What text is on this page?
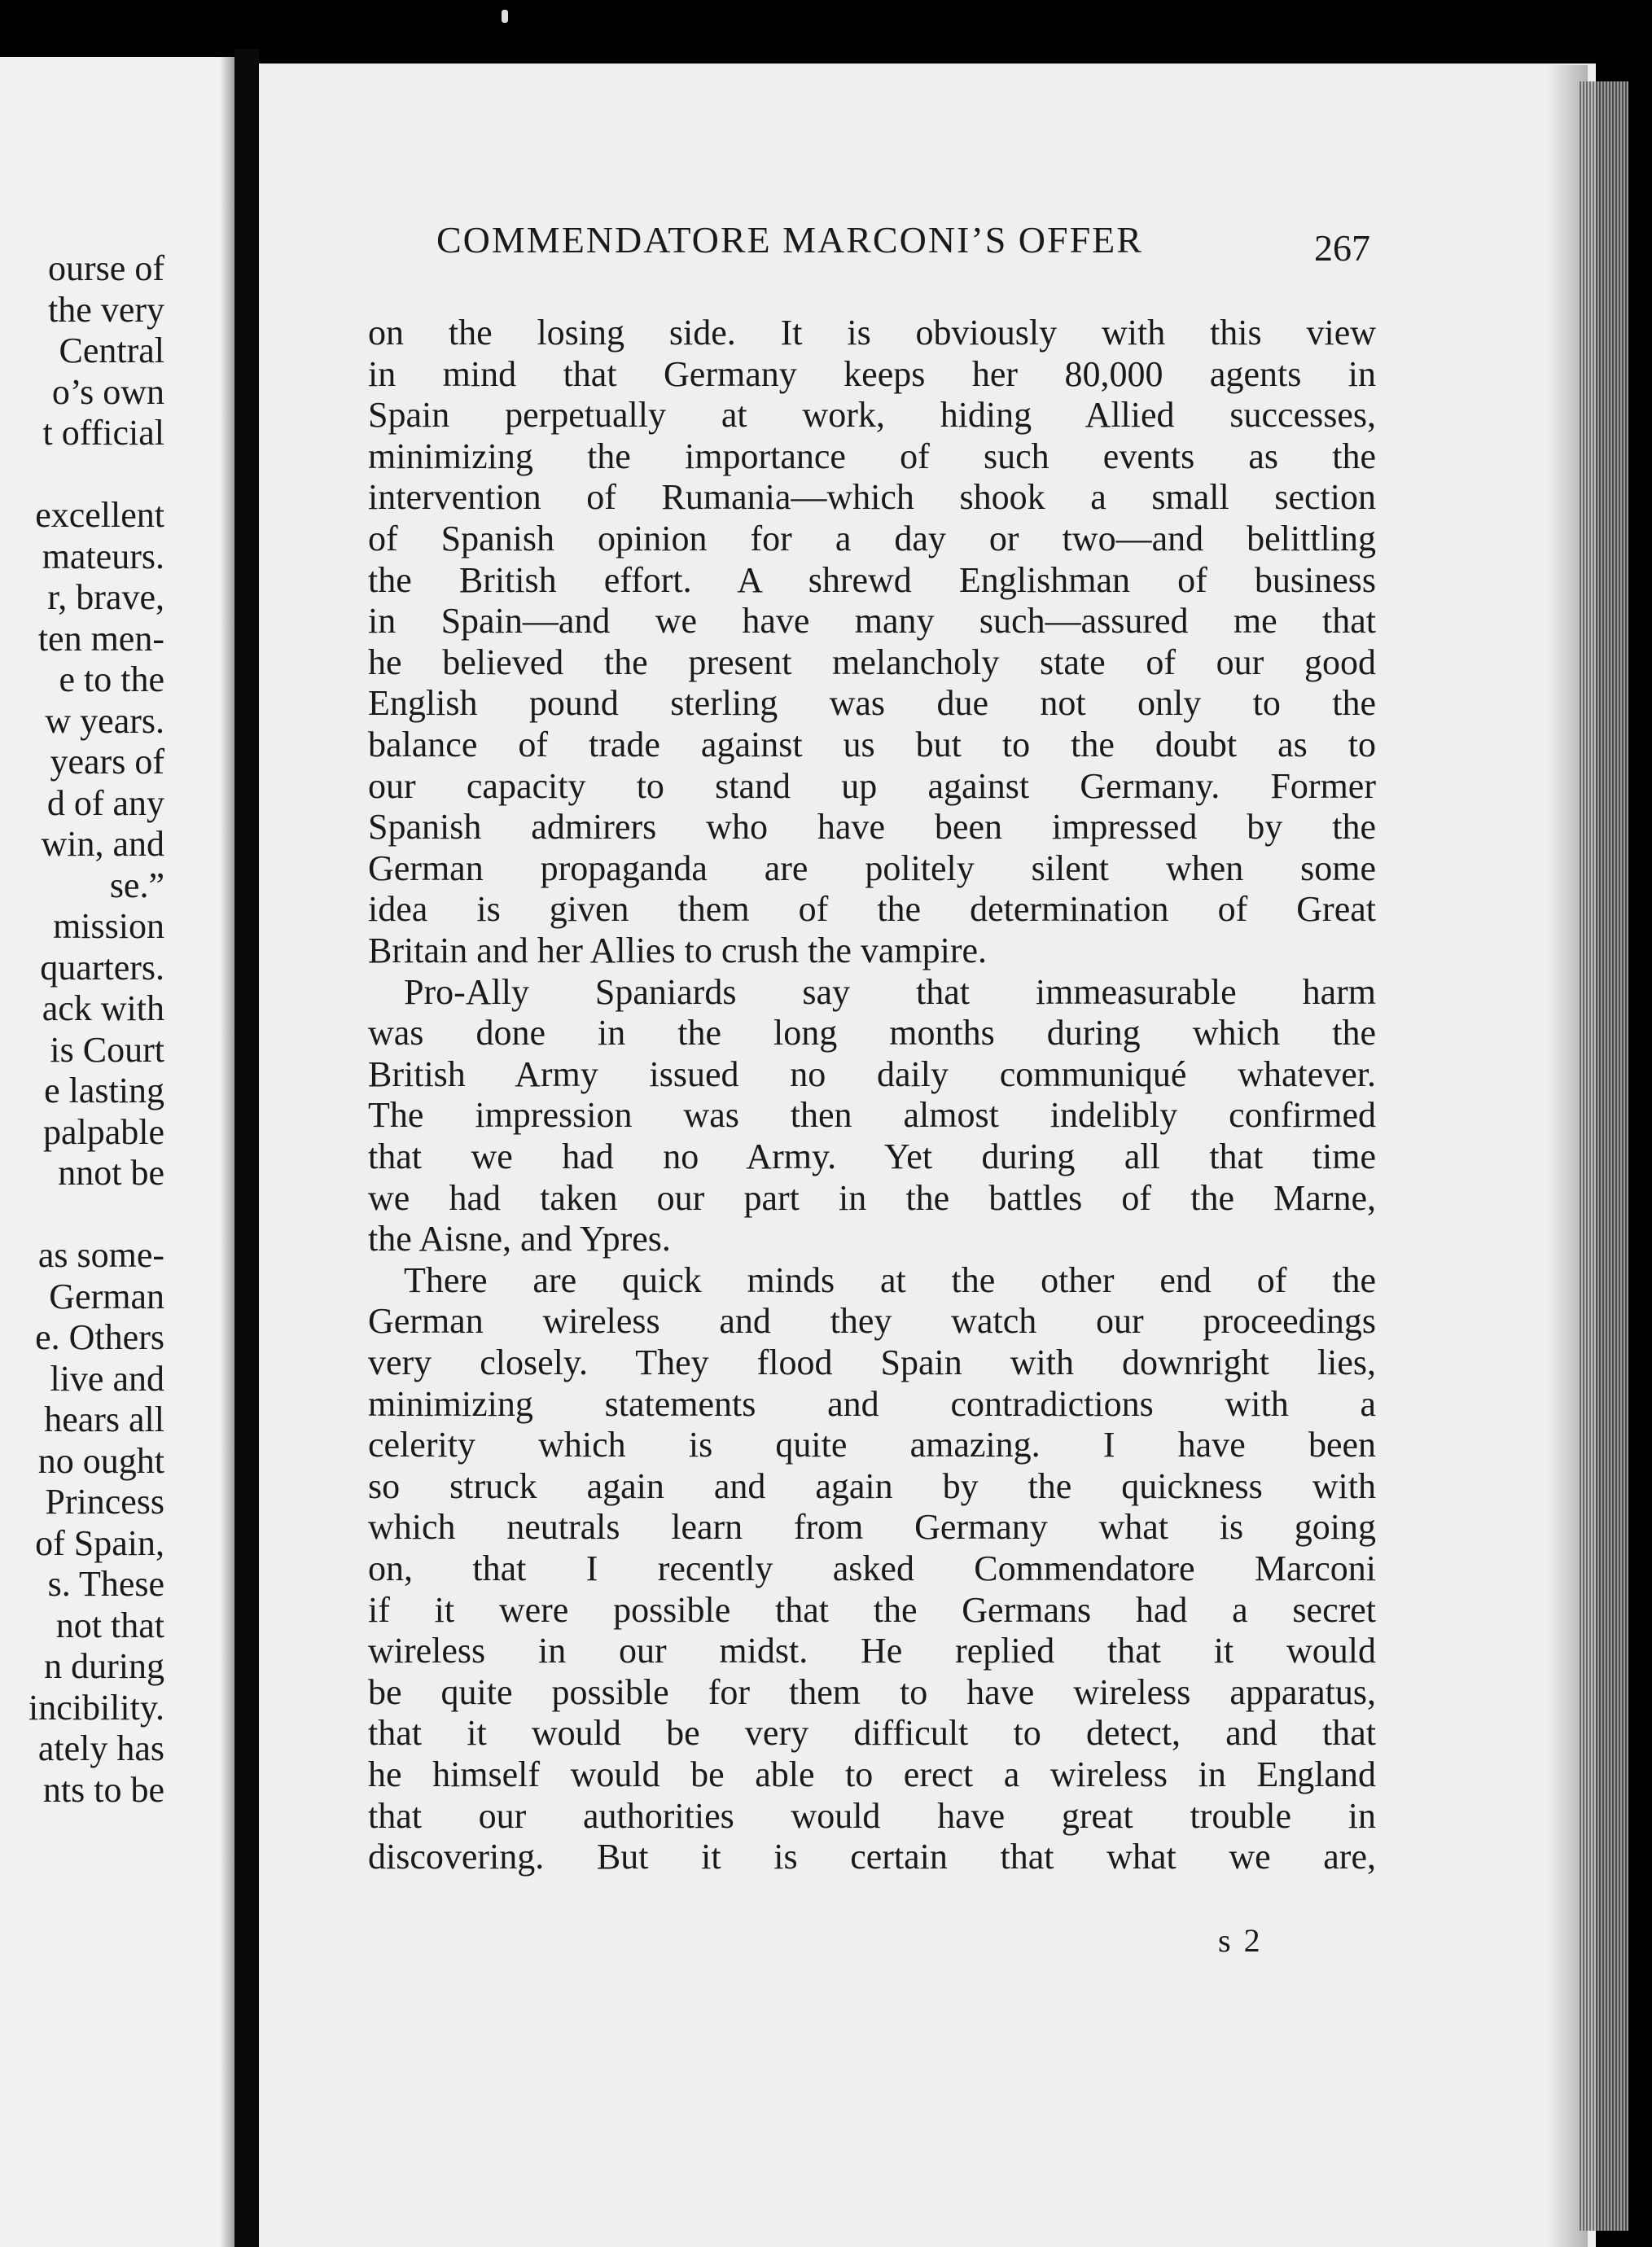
ourse of
the very
Central
o’s own
t official
excellent
mateurs.
r, brave,
ten men-
e to the
w years.
years of
d of any
win, and
se.”
mission
quarters.
ack with
is Court
e lasting
palpable
nnot be
as some-
German
e. Others
live and
hears all
no ought
Princess
of Spain,
s. These
not that
n during
incibility.
ately has
nts to be
COMMENDATORE MARCONI’S OFFER	267
s 2
on the losing side. It is obviously with this view
in mind that Germany keeps her 80,000 agents in
Spain perpetually at work, hiding Allied successes,
minimizing the importance of such events as the
intervention of Rumania—which shook a small section
of Spanish opinion for a day or two—and belittling
the British effort. A shrewd Englishman of business
in Spain—and we have many such—assured me that
he believed the present melancholy state of our good
English pound sterling was due not only to the
balance of trade against us but to the doubt as to
our capacity to stand up against Germany. Former
Spanish admirers who have been impressed by the
German propaganda are politely silent when some
idea is given them of the determination of Great
Britain and her Allies to crush the vampire.
Pro-Ally Spaniards say that immeasurable harm
was done in the long months during which the
British Army issued no daily communiqué whatever.
The impression was then almost indelibly confirmed
that we had no Army. Yet during all that time
we had taken our part in the battles of the Marne,
the Aisne, and Ypres.
There are quick minds at the other end of the
German wireless and they watch our proceedings
very closely. They flood Spain with downright lies,
minimizing statements and contradictions with a
celerity which is quite amazing. I have been
so struck again and again by the quickness with
which neutrals learn from Germany what is going
on, that I recently asked Commendatore Marconi
if it were possible that the Germans had a secret
wireless in our midst. He replied that it would
be quite possible for them to have wireless apparatus,
that it would be very difficult to detect, and that
he himself would be able to erect a wireless in England
that our authorities would have great trouble in
discovering. But it is certain that what we are,
